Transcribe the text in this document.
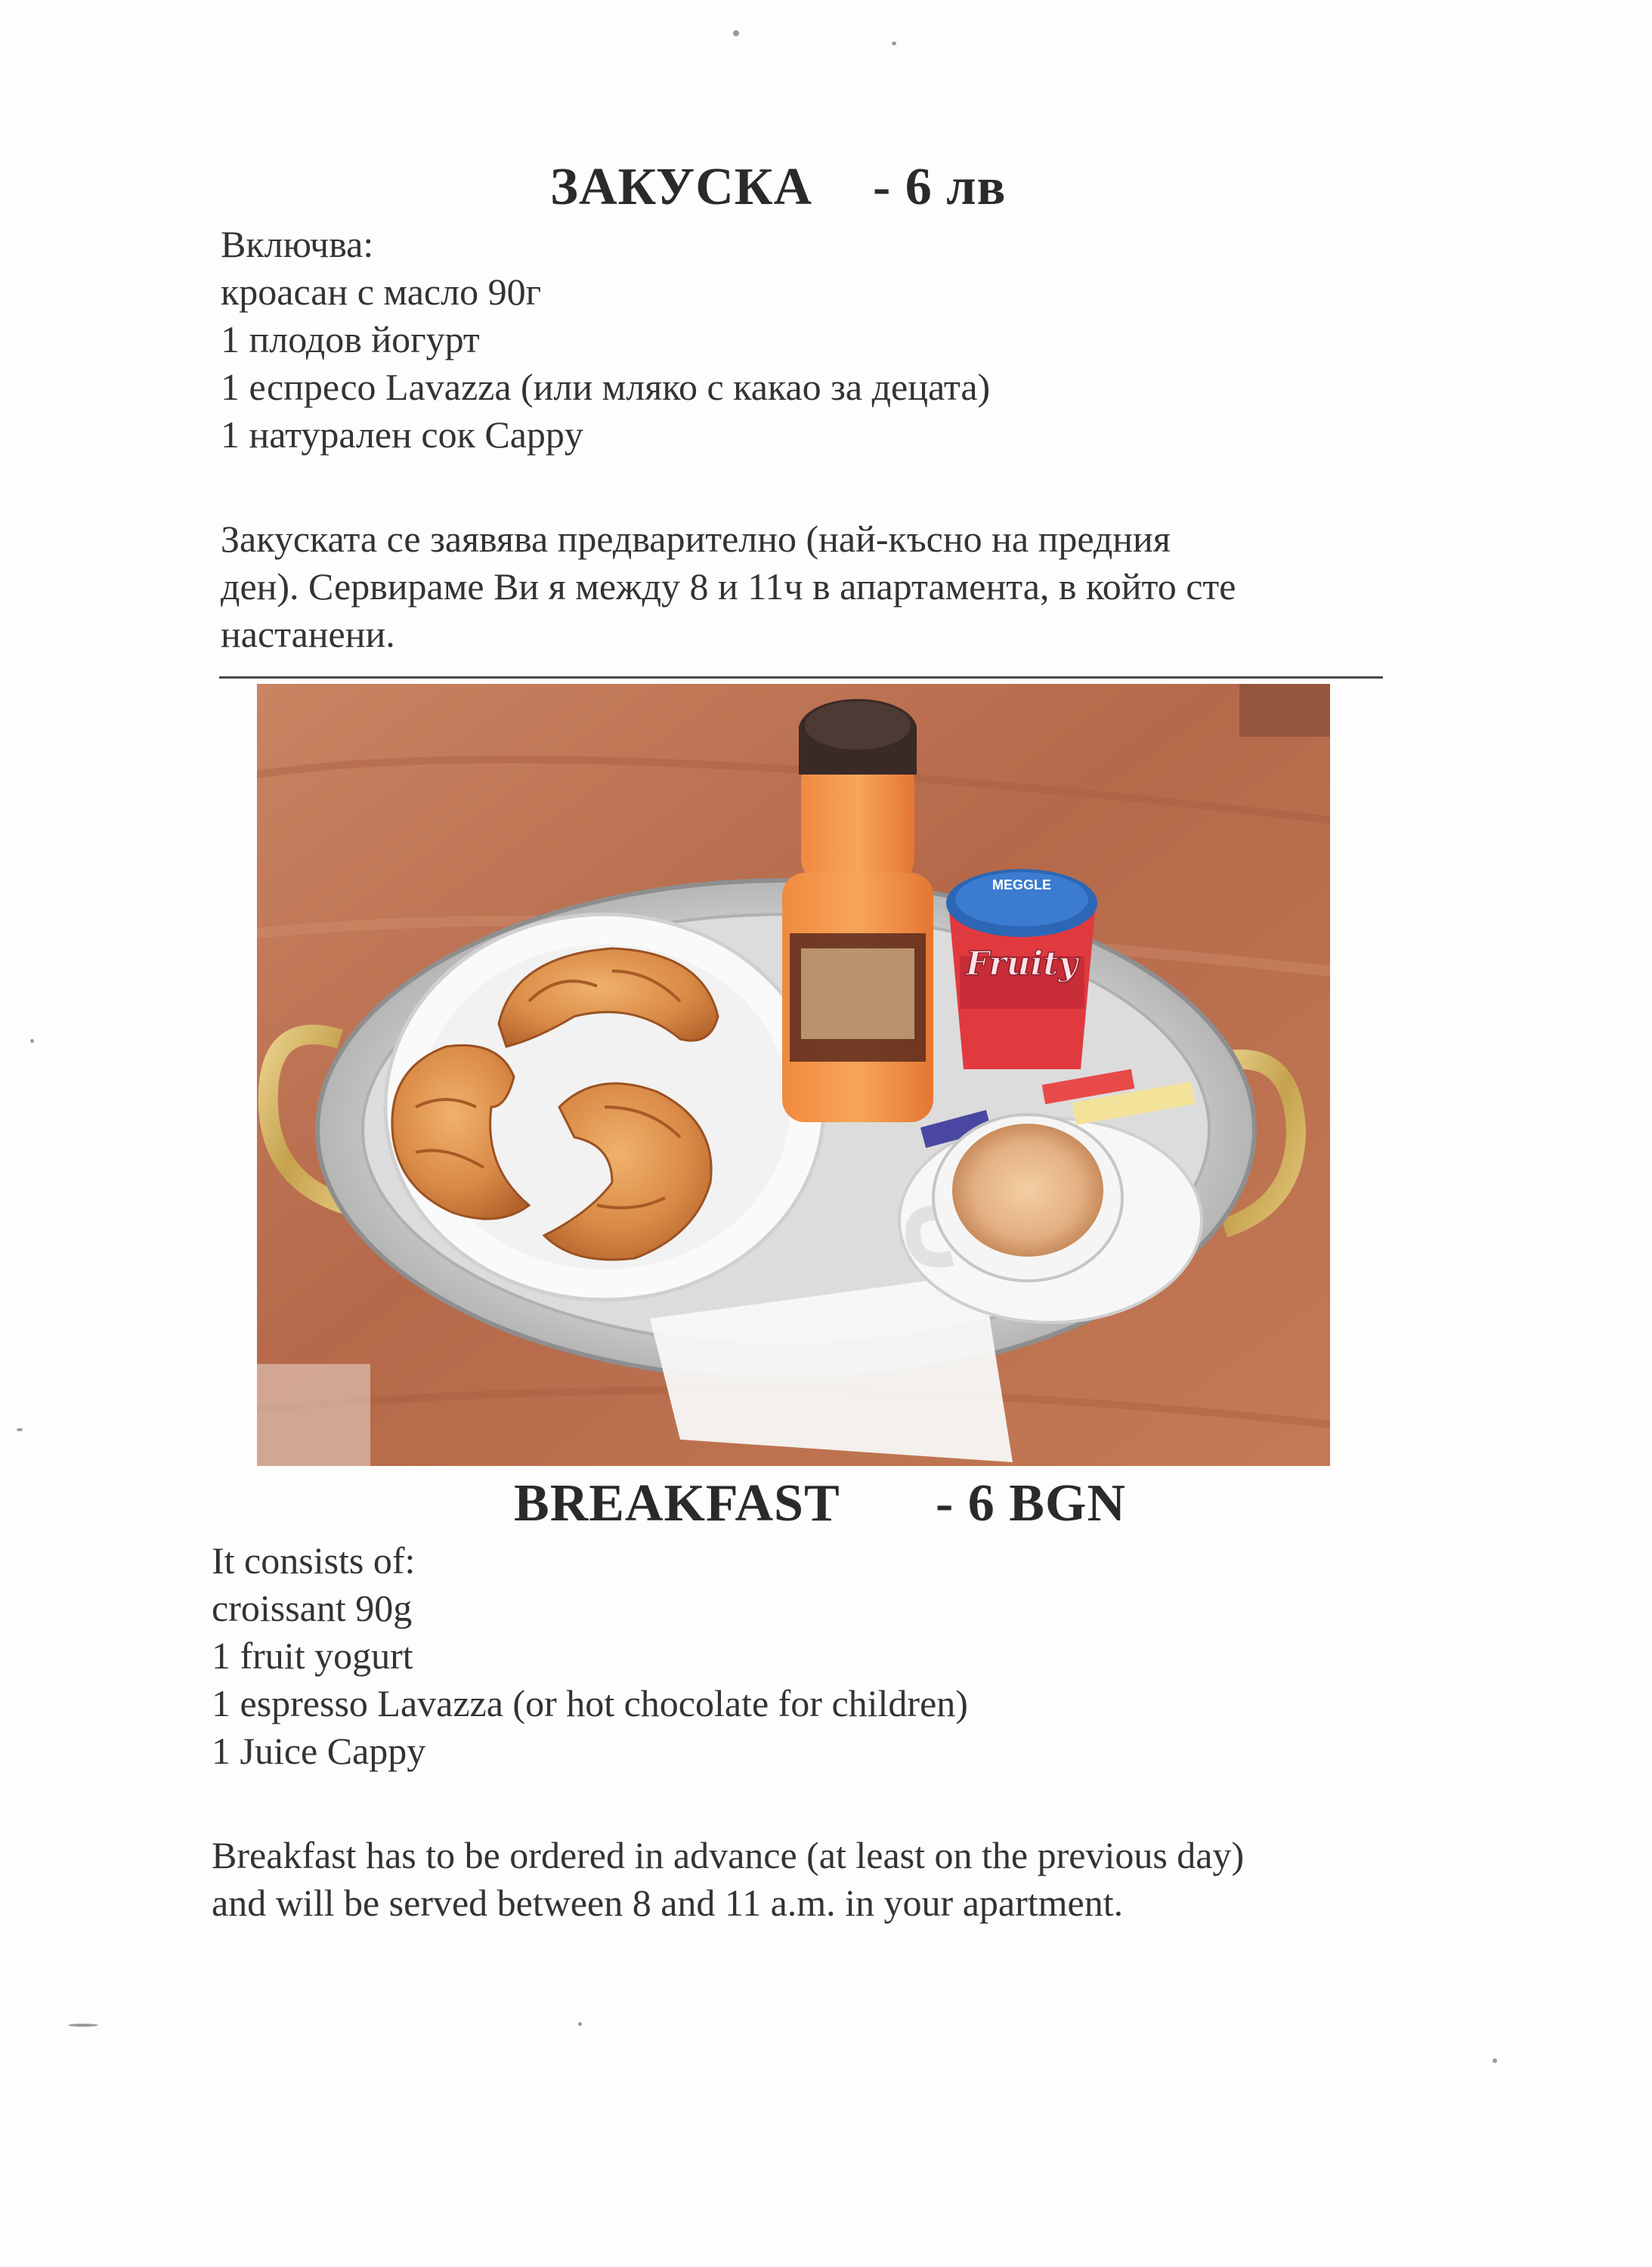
ЗАКУСКА - 6 лв
Включва:
кроасан с масло 90г
1 плодов йогурт
1 еспресо Lavazza (или мляко с какао за децата)
1 натурален сок Cappy
Закуската се заявява предварително (най-късно на предния
ден). Сервираме Ви я между 8 и 11ч в апартамента, в който сте
настанени.
MEGGLE
Fruity
BREAKFAST - 6 BGN
It consists of:
croissant 90g
1 fruit yogurt
1 espresso Lavazza (or hot chocolate for children)
1 Juice Cappy
Breakfast has to be ordered in advance (at least on the previous day)
and will be served between 8 and 11 a.m. in your apartment.
